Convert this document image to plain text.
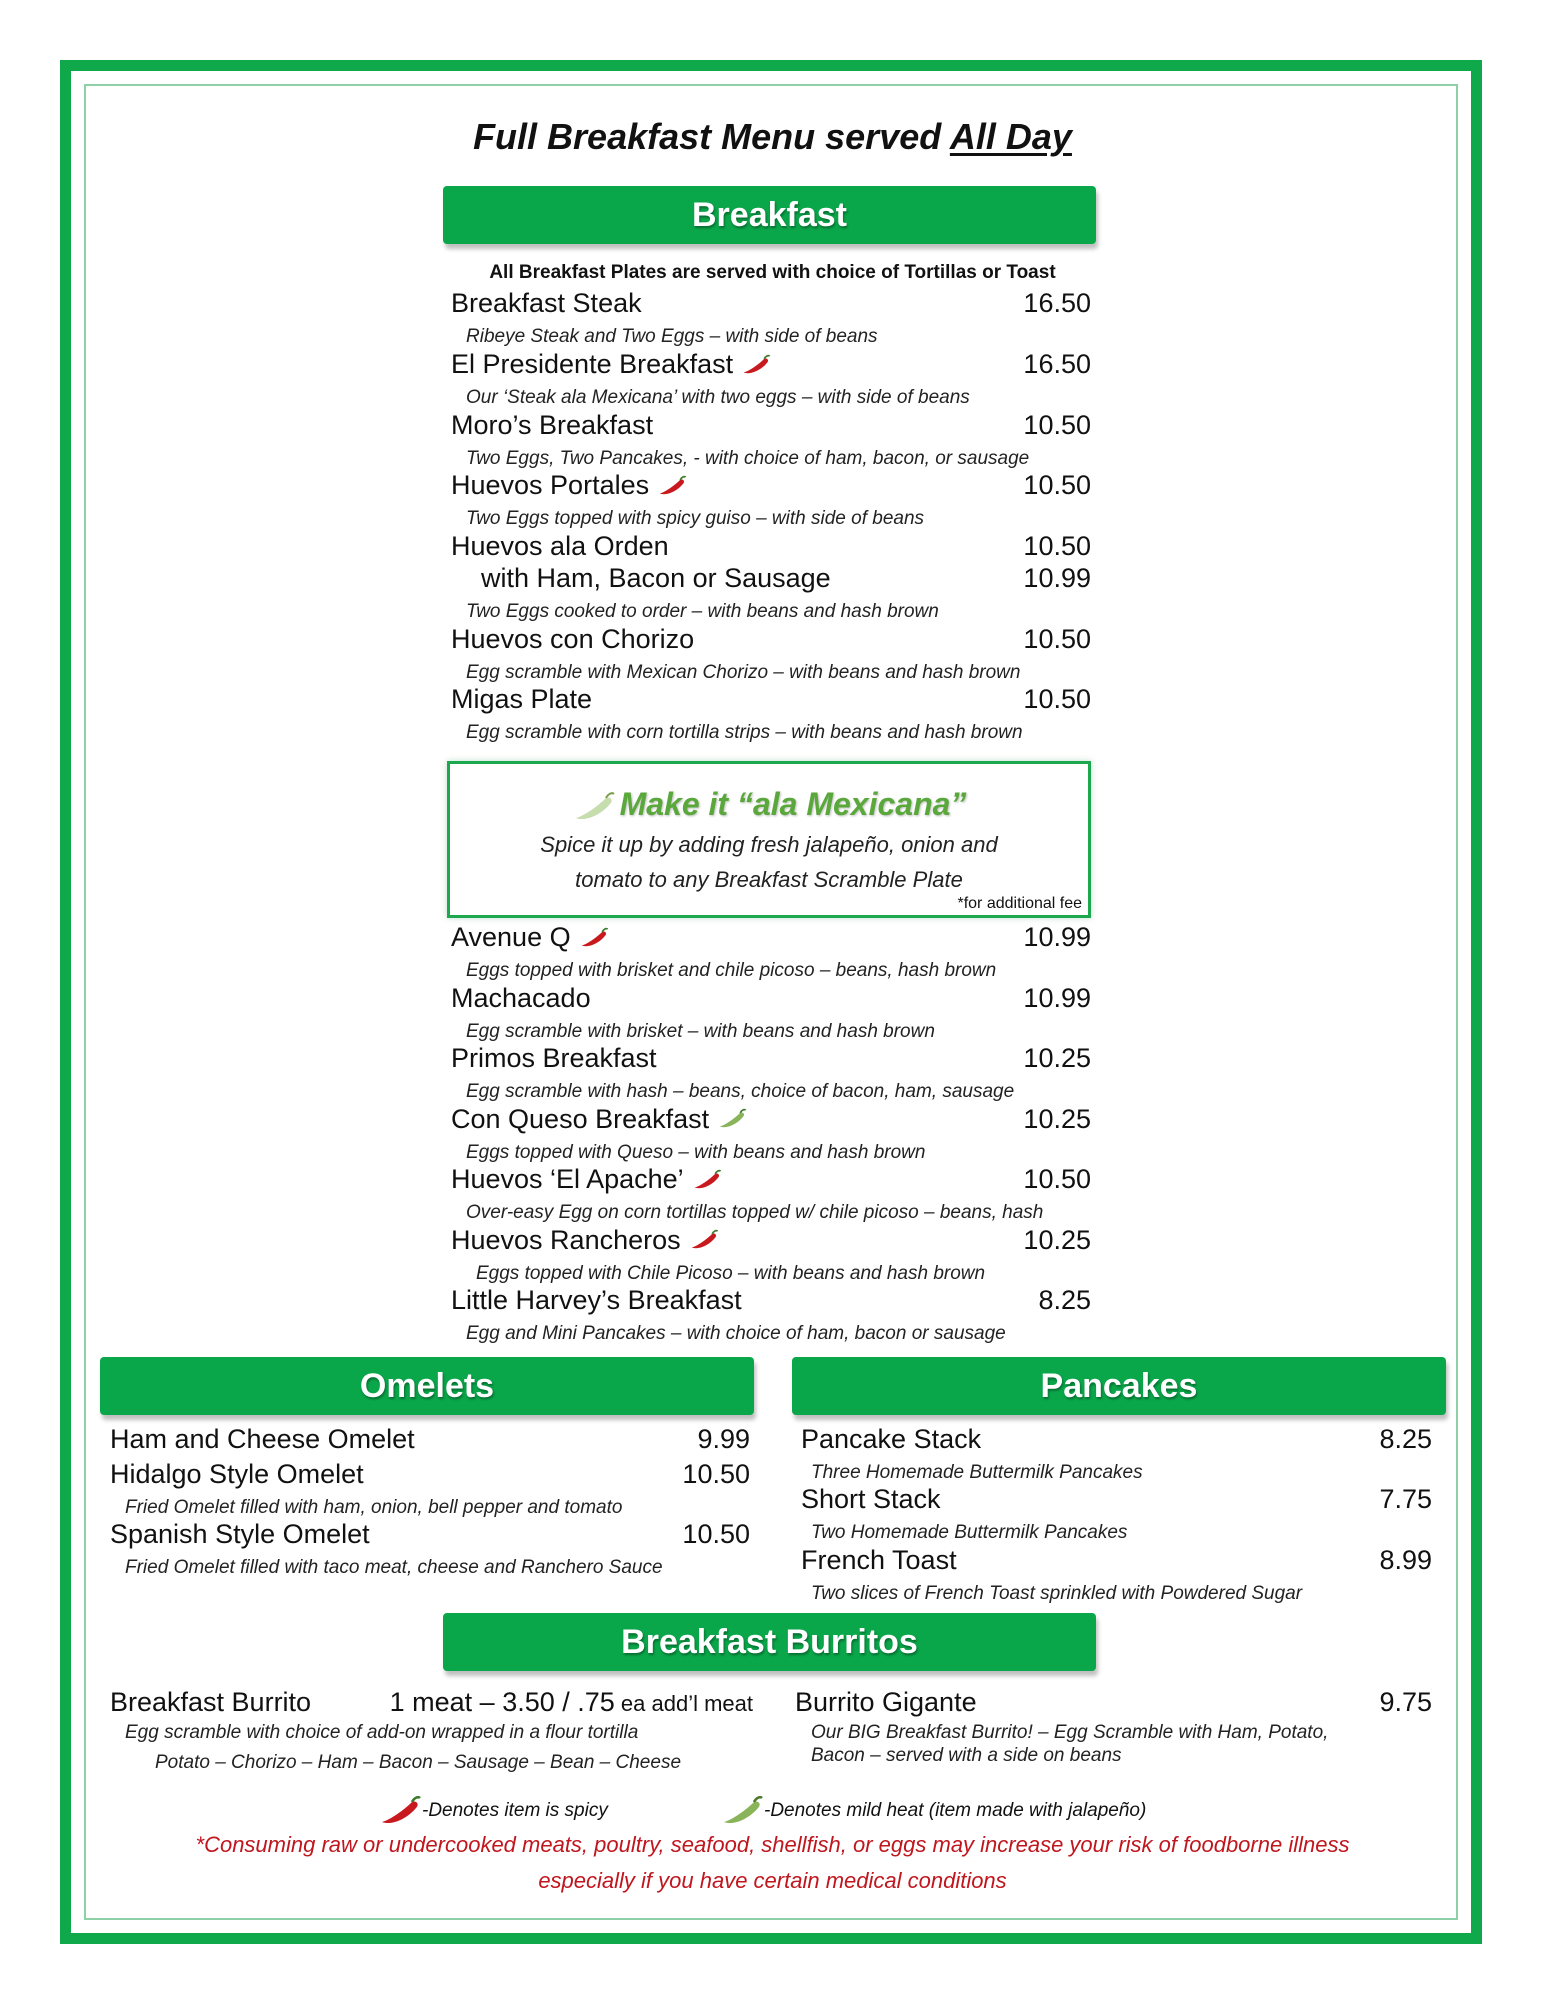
Full Breakfast Menu served All Day
Breakfast
All Breakfast Plates are served with choice of Tortillas or Toast
Breakfast Steak	16.50
Ribeye Steak and Two Eggs – with side of beans
El Presidente Breakfast	16.50
Our ‘Steak ala Mexicana’ with two eggs – with side of beans
Moro’s Breakfast	10.50
Two Eggs, Two Pancakes, - with choice of ham, bacon, or sausage
Huevos Portales	10.50
Two Eggs topped with spicy guiso – with side of beans
Huevos ala Orden	10.50
with Ham, Bacon or Sausage	10.99
Two Eggs cooked to order – with beans and hash brown
Huevos con Chorizo	10.50
Egg scramble with Mexican Chorizo – with beans and hash brown
Migas Plate	10.50
Egg scramble with corn tortilla strips – with beans and hash brown
Make it “ala Mexicana”
Spice it up by adding fresh jalapeño, onion and
tomato to any Breakfast Scramble Plate
*for additional fee
Avenue Q	10.99
Eggs topped with brisket and chile picoso – beans, hash brown
Machacado	10.99
Egg scramble with brisket – with beans and hash brown
Primos Breakfast	10.25
Egg scramble with hash – beans, choice of bacon, ham, sausage
Con Queso Breakfast	10.25
Eggs topped with Queso – with beans and hash brown
Huevos ‘El Apache’	10.50
Over-easy Egg on corn tortillas topped w/ chile picoso – beans, hash
Huevos Rancheros	10.25
Eggs topped with Chile Picoso – with beans and hash brown
Little Harvey’s Breakfast	8.25
Egg and Mini Pancakes – with choice of ham, bacon or sausage
Omelets
Ham and Cheese Omelet	9.99
Hidalgo Style Omelet	10.50
Fried Omelet filled with ham, onion, bell pepper and tomato
Spanish Style Omelet	10.50
Fried Omelet filled with taco meat, cheese and Ranchero Sauce
Pancakes
Pancake Stack	8.25
Three Homemade Buttermilk Pancakes
Short Stack	7.75
Two Homemade Buttermilk Pancakes
French Toast	8.99
Two slices of French Toast sprinkled with Powdered Sugar
Breakfast Burritos
Breakfast Burrito	1 meat – 3.50 / .75 ea add’l meat
Egg scramble with choice of add-on wrapped in a flour tortilla
Potato – Chorizo – Ham – Bacon – Sausage – Bean – Cheese
Burrito Gigante	9.75
Our BIG Breakfast Burrito! – Egg Scramble with Ham, Potato,
Bacon – served with a side on beans
-Denotes item is spicy	-Denotes mild heat (item made with jalapeño)
*Consuming raw or undercooked meats, poultry, seafood, shellfish, or eggs may increase your risk of foodborne illness
especially if you have certain medical conditions
